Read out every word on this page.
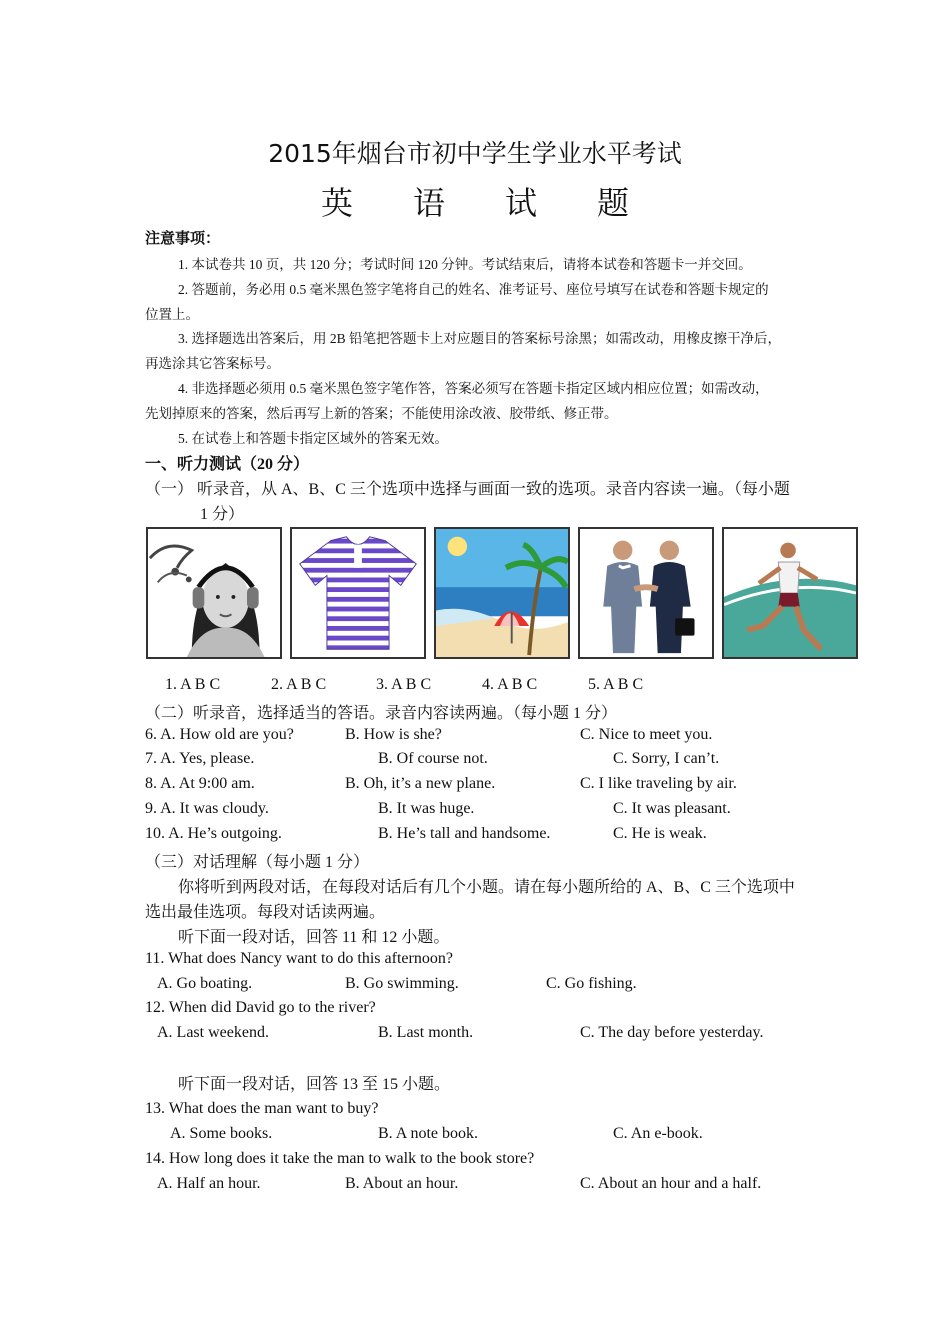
2015年烟台市初中学生学业水平考试
英 语 试 题
注意事项：
1. 本试卷共 10 页，共 120 分；考试时间 120 分钟。考试结束后，请将本试卷和答题卡一并交回。
2. 答题前，务必用 0.5 毫米黑色签字笔将自己的姓名、准考证号、座位号填写在试卷和答题卡规定的
位置上。
3. 选择题选出答案后，用 2B 铅笔把答题卡上对应题目的答案标号涂黑；如需改动，用橡皮擦干净后，
再选涂其它答案标号。
4. 非选择题必须用 0.5 毫米黑色签字笔作答，答案必须写在答题卡指定区域内相应位置；如需改动，
先划掉原来的答案，然后再写上新的答案；不能使用涂改液、胶带纸、修正带。
5. 在试卷上和答题卡指定区域外的答案无效。
一、听力测试（20 分）
（一） 听录音，从 A、B、C 三个选项中选择与画面一致的选项。录音内容读一遍。（每小题
1 分）
1. A B C	2. A B C	3. A B C	4. A B C	5. A B C
（二）听录音，选择适当的答语。录音内容读两遍。（每小题 1 分）
6. A. How old are you?	B. How is she?	C. Nice to meet you.
7. A. Yes, please.	B. Of course not.	C. Sorry, I can’t.
8. A. At 9:00 am.	B. Oh, it’s a new plane.	C. I like traveling by air.
9. A. It was cloudy.	B. It was huge.	C. It was pleasant.
10. A. He’s outgoing.	B. He’s tall and handsome.	C. He is weak.
（三）对话理解（每小题 1 分）
你将听到两段对话，在每段对话后有几个小题。请在每小题所给的 A、B、C 三个选项中
选出最佳选项。每段对话读两遍。
听下面一段对话，回答 11 和 12 小题。
11. What does Nancy want to do this afternoon?
A. Go boating.	B. Go swimming.	C. Go fishing.
12. When did David go to the river?
A. Last weekend.	B. Last month.	C. The day before yesterday.
听下面一段对话，回答 13 至 15 小题。
13. What does the man want to buy?
A. Some books.	B. A note book.	C. An e-book.
14. How long does it take the man to walk to the book store?
A. Half an hour.	B. About an hour.	C. About an hour and a half.
